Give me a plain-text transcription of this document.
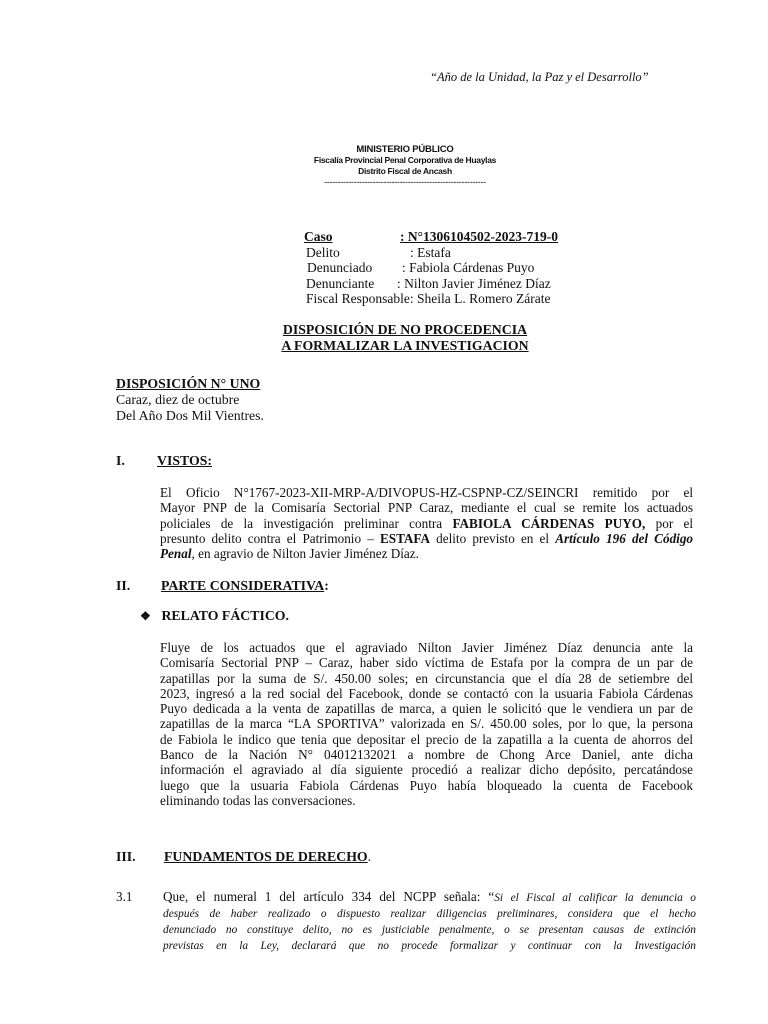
“Año de la Unidad, la Paz y el Desarrollo”
MINISTERIO PÚBLICO
Fiscalía Provincial Penal Corporativa de Huaylas
Distrito Fiscal de Ancash
------------------------------------------------------------
Caso	: N°1306104502-2023-719-0
Delito	: Estafa
Denunciado	: Fabiola Cárdenas Puyo
Denunciante	: Nilton Javier Jiménez Díaz
Fiscal Responsable : Sheila L. Romero Zárate
DISPOSICIÓN DE NO PROCEDENCIA
A FORMALIZAR LA INVESTIGACION
DISPOSICIÓN N° UNO
Caraz, diez de octubre
Del Año Dos Mil Vientres.
I. VISTOS:
El Oficio N°1767-2023-XII-MRP-A/DIVOPUS-HZ-CSPNP-CZ/SEINCRI remitido por el
Mayor PNP de la Comisaría Sectorial PNP Caraz, mediante el cual se remite los actuados
policiales de la investigación preliminar contra FABIOLA CÁRDENAS PUYO, por el
presunto delito contra el Patrimonio – ESTAFA delito previsto en el Artículo 196 del Código
Penal, en agravio de Nilton Javier Jiménez Díaz.
II. PARTE CONSIDERATIVA:
❖ RELATO FÁCTICO.
Fluye de los actuados que el agraviado Nilton Javier Jiménez Díaz denuncia ante la
Comisaría Sectorial PNP – Caraz, haber sido víctima de Estafa por la compra de un par de
zapatillas por la suma de S/. 450.00 soles; en circunstancia que el día 28 de setiembre del
2023, ingresó a la red social del Facebook, donde se contactó con la usuaria Fabiola Cárdenas
Puyo dedicada a la venta de zapatillas de marca, a quien le solicitó que le vendiera un par de
zapatillas de la marca “LA SPORTIVA” valorizada en S/. 450.00 soles, por lo que, la persona
de Fabiola le indico que tenia que depositar el precio de la zapatilla a la cuenta de ahorros del
Banco de la Nación N° 04012132021 a nombre de Chong Arce Daniel, ante dicha
información el agraviado al día siguiente procedió a realizar dicho depósito, percatándose
luego que la usuaria Fabiola Cárdenas Puyo había bloqueado la cuenta de Facebook
eliminando todas las conversaciones.
III. FUNDAMENTOS DE DERECHO.
3.1 Que, el numeral 1 del artículo 334 del NCPP señala: “Si el Fiscal al calificar la denuncia o
después de haber realizado o dispuesto realizar diligencias preliminares, considera que el hecho
denunciado no constituye delito, no es justiciable penalmente, o se presentan causas de extinción
previstas en la Ley, declarará que no procede formalizar y continuar con la Investigación
